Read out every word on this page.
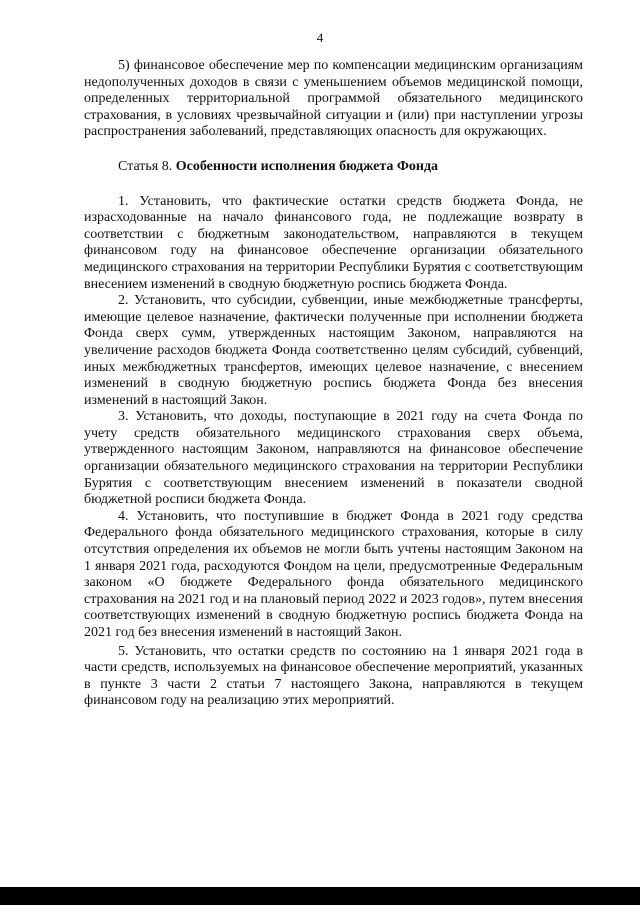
4

5) финансовое обеспечение мер по компенсации медицинским организациям недополученных доходов в связи с уменьшением объемов медицинской помощи, определенных территориальной программой обязательного медицинского страхования, в условиях чрезвычайной ситуации и (или) при наступлении угрозы распространения заболеваний, представляющих опасность для окружающих.

Статья 8. Особенности исполнения бюджета Фонда

1. Установить, что фактические остатки средств бюджета Фонда, не израсходованные на начало финансового года, не подлежащие возврату в соответствии с бюджетным законодательством, направляются в текущем финансовом году на финансовое обеспечение организации обязательного медицинского страхования на территории Республики Бурятия с соответствующим внесением изменений в сводную бюджетную роспись бюджета Фонда.

2. Установить, что субсидии, субвенции, иные межбюджетные трансферты, имеющие целевое назначение, фактически полученные при исполнении бюджета Фонда сверх сумм, утвержденных настоящим Законом, направляются на увеличение расходов бюджета Фонда соответственно целям субсидий, субвенций, иных межбюджетных трансфертов, имеющих целевое назначение, с внесением изменений в сводную бюджетную роспись бюджета Фонда без внесения изменений в настоящий Закон.

3. Установить, что доходы, поступающие в 2021 году на счета Фонда по учету средств обязательного медицинского страхования сверх объема, утвержденного настоящим Законом, направляются на финансовое обеспечение организации обязательного медицинского страхования на территории Республики Бурятия с соответствующим внесением изменений в показатели сводной бюджетной росписи бюджета Фонда.

4. Установить, что поступившие в бюджет Фонда в 2021 году средства Федерального фонда обязательного медицинского страхования, которые в силу отсутствия определения их объемов не могли быть учтены настоящим Законом на 1 января 2021 года, расходуются Фондом на цели, предусмотренные Федеральным законом «О бюджете Федерального фонда обязательного медицинского страхования на 2021 год и на плановый период 2022 и 2023 годов», путем внесения соответствующих изменений в сводную бюджетную роспись бюджета Фонда на 2021 год без внесения изменений в настоящий Закон.

5. Установить, что остатки средств по состоянию на 1 января 2021 года в части средств, используемых на финансовое обеспечение мероприятий, указанных в пункте 3 части 2 статьи 7 настоящего Закона, направляются в текущем финансовом году на реализацию этих мероприятий.
